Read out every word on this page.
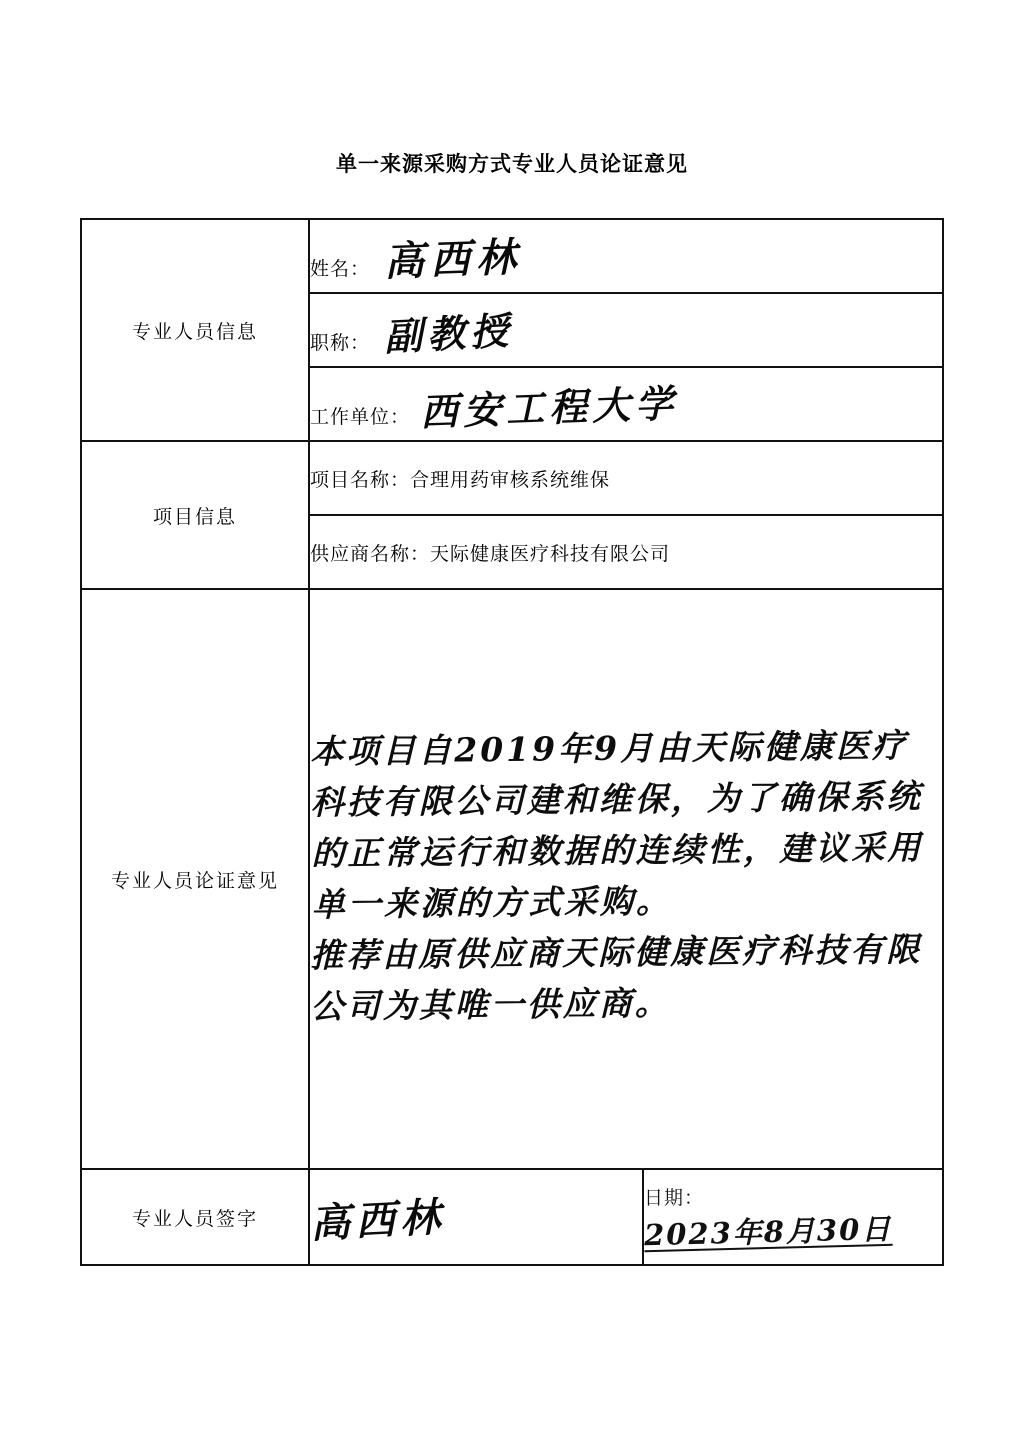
单一来源采购方式专业人员论证意见
专业人员信息	姓名： 高西林	
	职称： 副教授	
	工作单位： 西安工程大学	
项目信息	项目名称：合理用药审核系统维保	
	供应商名称：天际健康医疗科技有限公司	
专业人员论证意见	本项目自2019年9月由天际健康医疗科技有限公司建和维保，为了确保系统的正常运行和数据的连续性，建议采用单一来源的方式采购。
推荐由原供应商天际健康医疗科技有限公司为其唯一供应商。	

专业人员签字	高西林	日期：2023年8月30日
